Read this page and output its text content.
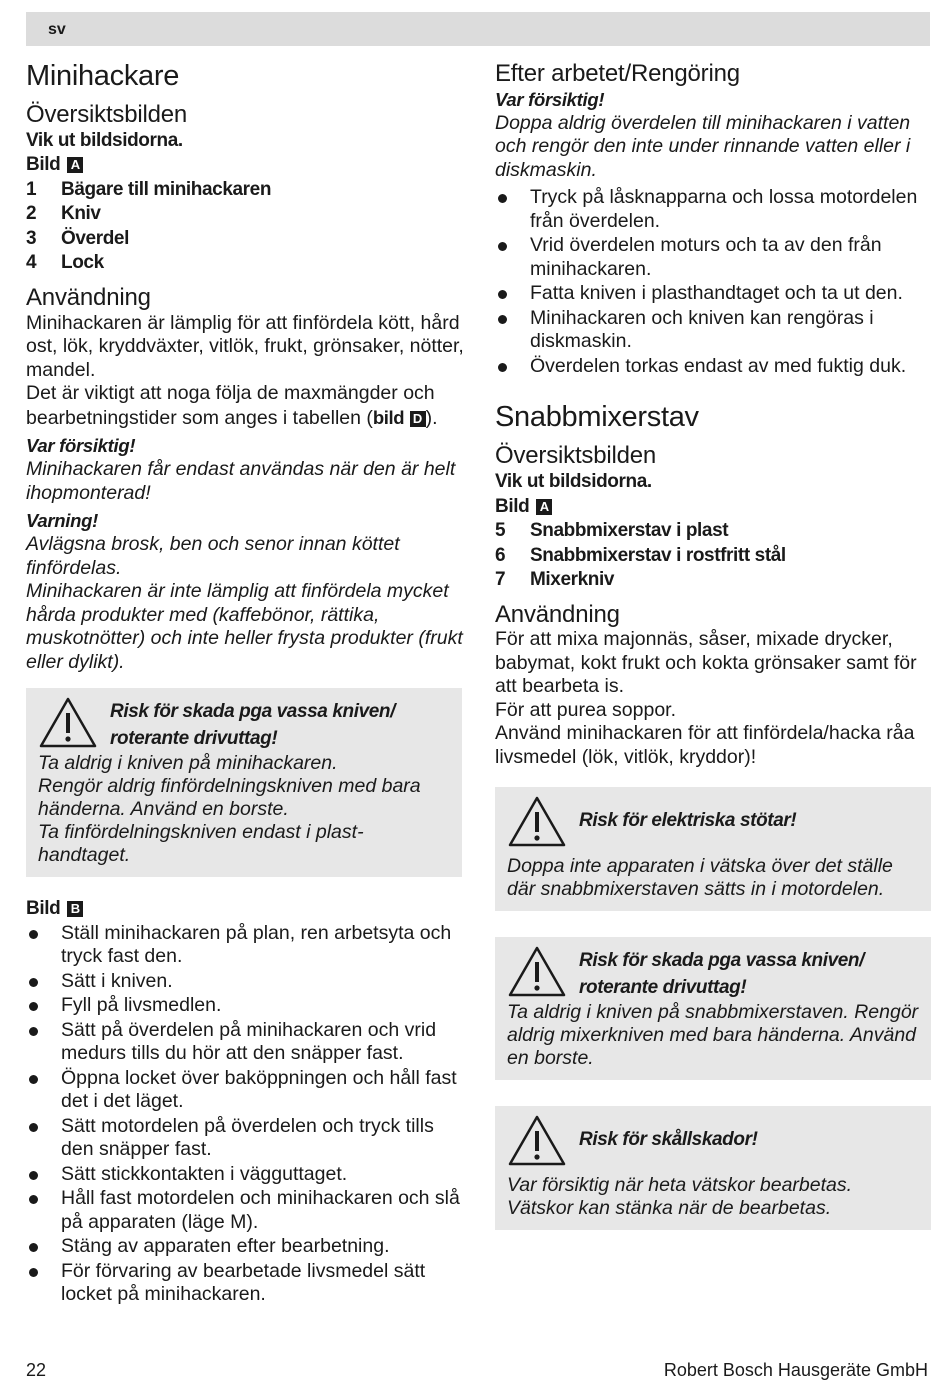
sv
Minihackare
Översiktsbilden
Vik ut bildsidorna.
Bild A
1	Bägare till minihackaren
2	Kniv
3	Överdel
4	Lock
Användning

Minihackaren är lämplig för att finfördela kött, hård ost, lök, kryddväxter, vitlök, frukt, grönsaker, nötter, mandel.

Det är viktigt att noga följa de maxmängder och bearbetningstider som anges i tabellen (bild D ).

Var försiktig!

Minihackaren får endast användas när den är helt ihopmonterad!

Varning!

Avlägsna brosk, ben och senor innan köttet finfördelas.

Minihackaren är inte lämplig att finfördela mycket hårda produkter med (kaffebönor, rättika, muskotnötter) och inte heller frysta produkter (frukt eller dylikt).

Risk för skada pga vassa kniven/ roterante drivuttag!
Ta aldrig i kniven på minihackaren.
Rengör aldrig finfördelningskniven med bara händerna. Använd en borste.
Ta finfördelningskniven endast i plast-handtaget.
Bild B
Ställ minihackaren på plan, ren arbetsyta och tryck fast den.
Sätt i kniven.
Fyll på livsmedlen.
Sätt på överdelen på minihackaren och vrid medurs tills du hör att den snäpper fast.
Öppna locket över baköppningen och håll fast det i det läget.
Sätt motordelen på överdelen och tryck tills den snäpper fast.
Sätt stickkontakten i vägguttaget.
Håll fast motordelen och minihackaren och slå på apparaten (läge M).
Stäng av apparaten efter bearbetning.
För förvaring av bearbetade livsmedel sätt locket på minihackaren.
Efter arbetet/Rengöring
Var försiktig!

Doppa aldrig överdelen till minihackaren i vatten och rengör den inte under rinnande vatten eller i diskmaskin.

Tryck på låsknapparna och lossa motordelen från överdelen.
Vrid överdelen moturs och ta av den från minihackaren.
Fatta kniven i plasthandtaget och ta ut den.
Minihackaren och kniven kan rengöras i diskmaskin.
Överdelen torkas endast av med fuktig duk.
Snabbmixerstav
Översiktsbilden
Vik ut bildsidorna.
Bild A
5	Snabbmixerstav i plast
6	Snabbmixerstav i rostfritt stål
7	Mixerkniv
Användning

För att mixa majonnäs, såser, mixade drycker, babymat, kokt frukt och kokta grönsaker samt för att bearbeta is.

För att purea soppor.

Använd minihackaren för att finfördela/hacka råa livsmedel (lök, vitlök, kryddor)!

Risk för elektriska stötar!
Doppa inte apparaten i vätska över det ställe där snabbmixerstaven sätts in i motordelen.
Risk för skada pga vassa kniven/ roterante drivuttag!
Ta aldrig i kniven på snabbmixerstaven. Rengör aldrig mixerkniven med bara händerna. Använd en borste.
Risk för skållskador!
Var försiktig när heta vätskor bearbetas. Vätskor kan stänka när de bearbetas.
22	Robert Bosch Hausgeräte GmbH
